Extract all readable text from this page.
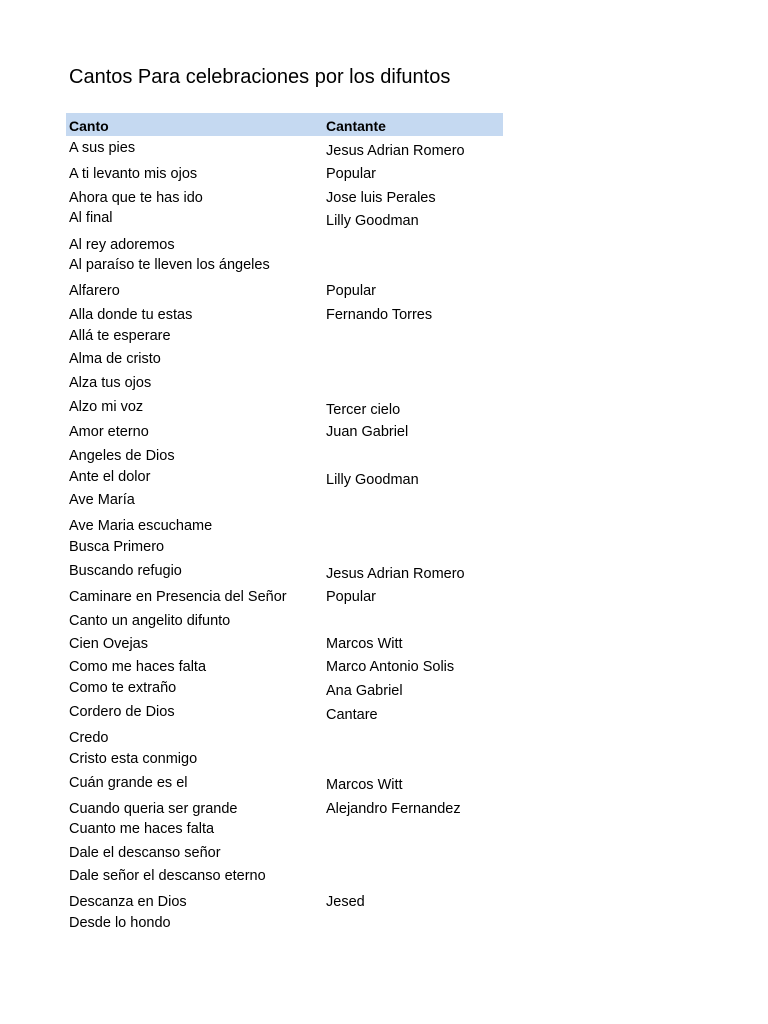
Cantos Para celebraciones por los difuntos
Canto	Cantante
A sus pies	Jesus Adrian Romero
A ti levanto mis ojos	Popular
Ahora que te has ido	Jose luis Perales
Al final	Lilly Goodman
Al rey adoremos
Al paraíso te lleven los ángeles
Alfarero	Popular
Alla donde tu estas	Fernando Torres
Allá te esperare
Alma de cristo
Alza tus ojos
Alzo mi voz	Tercer cielo
Amor eterno	Juan Gabriel
Angeles de Dios
Ante el dolor	Lilly Goodman
Ave María
Ave Maria escuchame
Busca Primero
Buscando refugio	Jesus Adrian Romero
Caminare en Presencia del Señor	Popular
Canto un angelito difunto
Cien Ovejas	Marcos Witt
Como me haces falta	Marco Antonio Solis
Como te extraño	Ana Gabriel
Cordero de Dios	Cantare
Credo
Cristo esta conmigo
Cuán grande es el	Marcos Witt
Cuando queria ser grande	Alejandro Fernandez
Cuanto me haces falta
Dale el descanso señor
Dale señor el descanso eterno
Descanza en Dios	Jesed
Desde lo hondo
